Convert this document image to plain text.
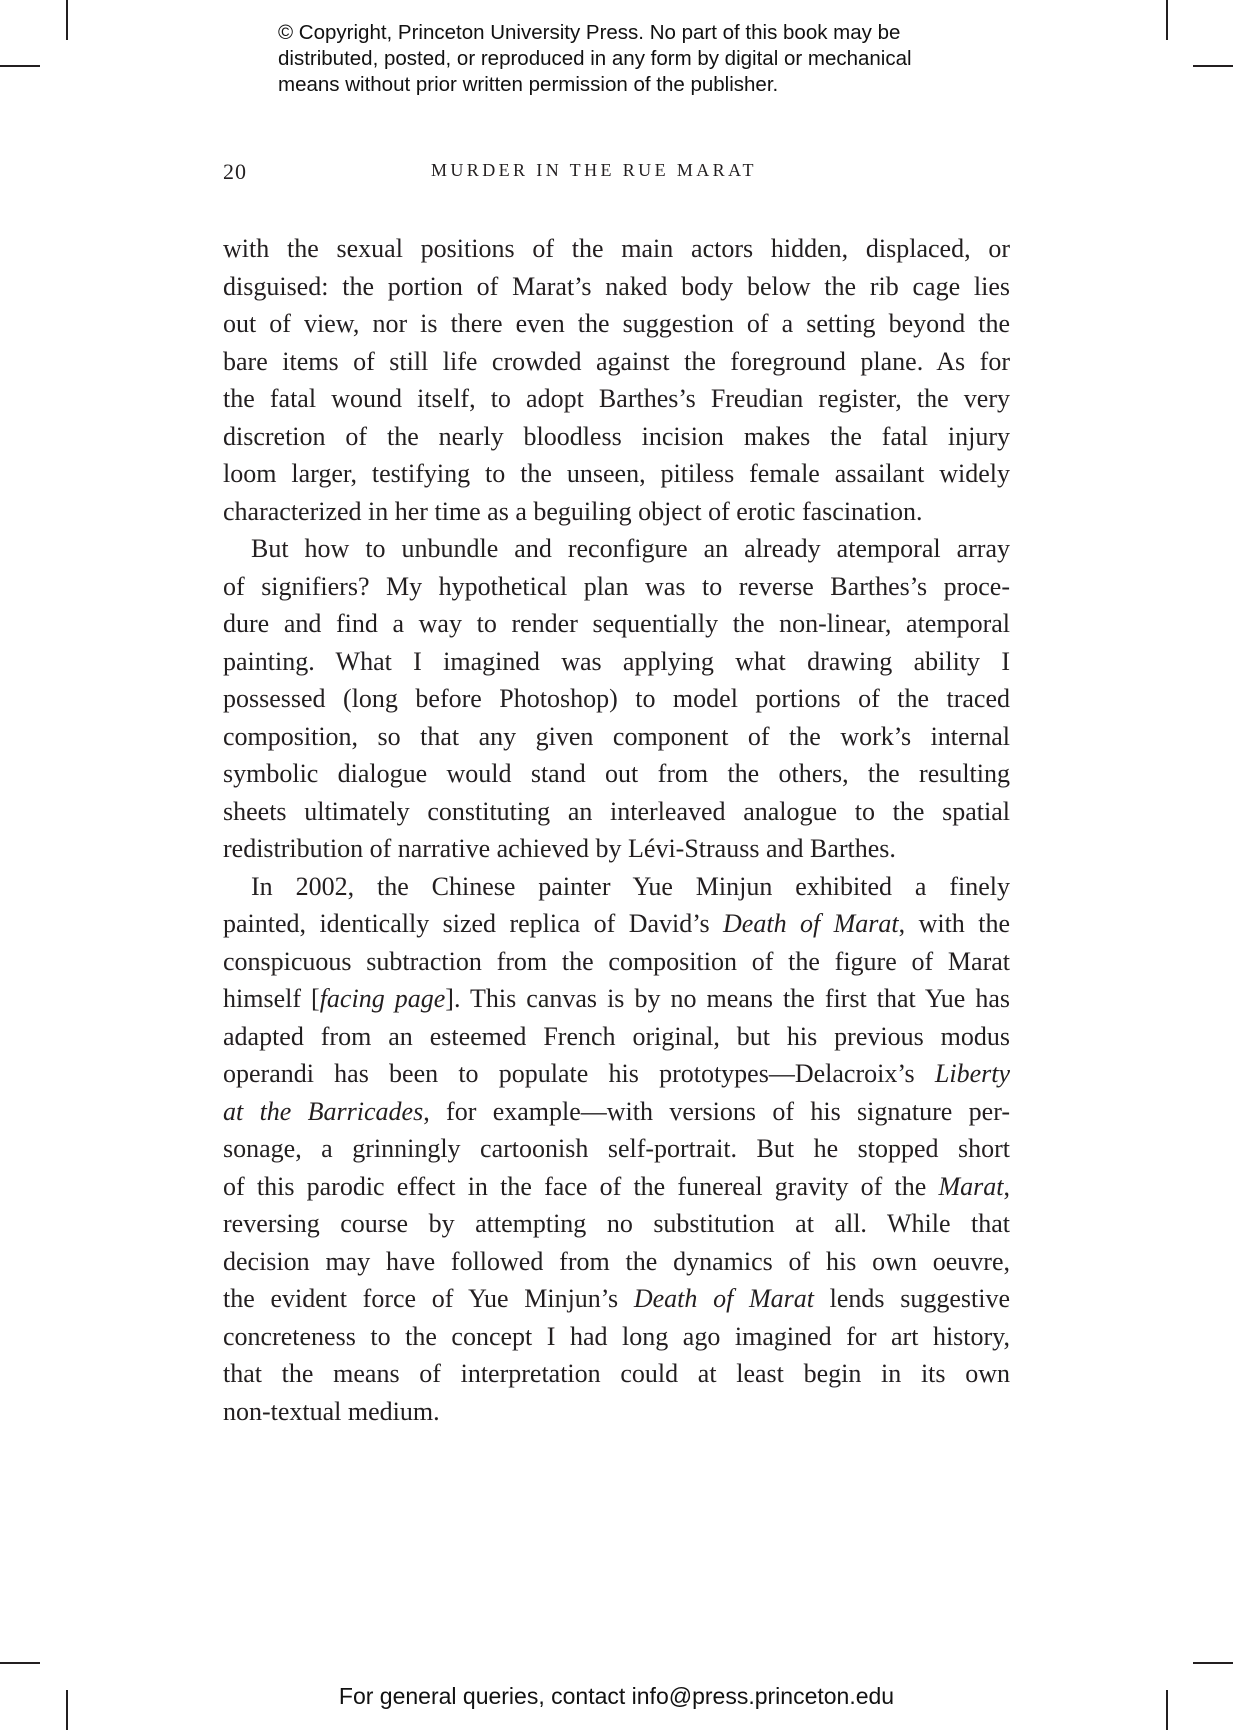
© Copyright, Princeton University Press. No part of this book may be
distributed, posted, or reproduced in any form by digital or mechanical
means without prior written permission of the publisher.
20	MURDER IN THE RUE MARAT
with the sexual positions of the main actors hidden, displaced, or
disguised: the portion of Marat’s naked body below the rib cage lies
out of view, nor is there even the suggestion of a setting beyond the
bare items of still life crowded against the foreground plane. As for
the fatal wound itself, to adopt Barthes’s Freudian register, the very
discretion of the nearly bloodless incision makes the fatal injury
loom larger, testifying to the unseen, pitiless female assailant widely
characterized in her time as a beguiling object of erotic fascination.
But how to unbundle and reconfigure an already atemporal array
of signifiers? My hypothetical plan was to reverse Barthes’s proce-
dure and find a way to render sequentially the non-linear, atemporal
painting. What I imagined was applying what drawing ability I
possessed (long before Photoshop) to model portions of the traced
composition, so that any given component of the work’s internal
symbolic dialogue would stand out from the others, the resulting
sheets ultimately constituting an interleaved analogue to the spatial
redistribution of narrative achieved by Lévi-Strauss and Barthes.
In 2002, the Chinese painter Yue Minjun exhibited a finely
painted, identically sized replica of David’s Death of Marat, with the
conspicuous subtraction from the composition of the figure of Marat
himself [facing page]. This canvas is by no means the first that Yue has
adapted from an esteemed French original, but his previous modus
operandi has been to populate his prototypes—Delacroix’s Liberty
at the Barricades, for example—with versions of his signature per-
sonage, a grinningly cartoonish self-portrait. But he stopped short
of this parodic effect in the face of the funereal gravity of the Marat,
reversing course by attempting no substitution at all. While that
decision may have followed from the dynamics of his own oeuvre,
the evident force of Yue Minjun’s Death of Marat lends suggestive
concreteness to the concept I had long ago imagined for art history,
that the means of interpretation could at least begin in its own
non-textual medium.
For general queries, contact info@press.princeton.edu
